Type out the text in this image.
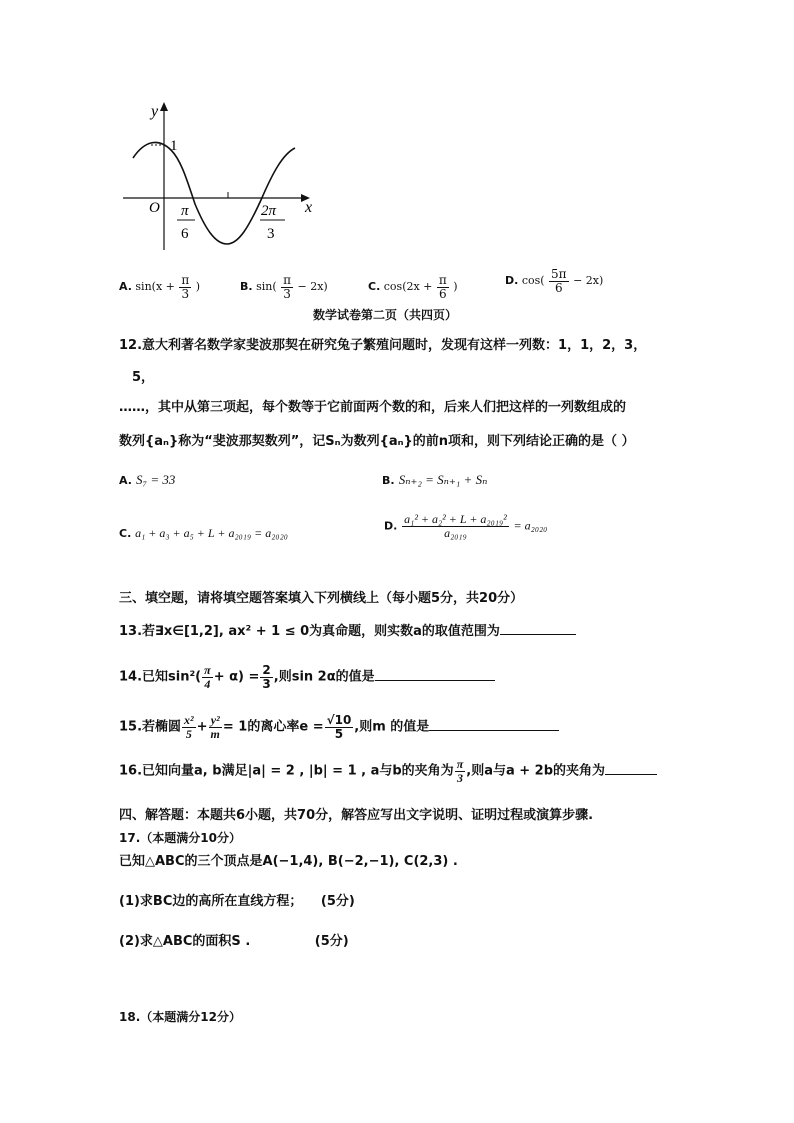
y
1
O	x
π
6
2π
3
A. $\sin(x + \frac{\pi}{3}$ )	B. $\sin( \frac{\pi}{3} - 2x)$	C. $\cos(2x + \frac{\pi}{6}$ )	D. $\cos( \frac{5\pi}{6} - 2x)$
数学试卷第二页（共四页）
12.意大利著名数学家斐波那契在研究兔子繁殖问题时，发现有这样一列数：1，1，2，3，
5，
……，其中从第三项起，每个数等于它前面两个数的和，后来人们把这样的一列数组成的
数列{aₙ}称为“斐波那契数列”，记Sₙ为数列{aₙ}的前n项和，则下列结论正确的是（ ）
A. S₇ = 33	B. Sₙ₊₂ = Sₙ₊₁ + Sₙ
C. a₁ + a₃ + a₅ + L + a₂₀₁₉ = a₂₀₂₀	D. $\frac{\text{a₁² + a₂² + L + a₂₀₁₉²}}{\text{a₂₀₁₉}} = a_{2020}$
三、填空题，请将填空题答案填入下列横线上（每小题5分，共20分）
13.若∃x∈[1,2], ax² + 1 ≤ 0为真命题，则实数a的取值范围为
14.已知$\sin^2( \frac{\pi}{4} + \alpha) = \frac{2}{3}$ ,则sin 2α的值是
15.若椭圆 $\frac{\text{x²}}{5} + \frac{\text{y²}}{m} = 1$的离心率$e = \frac{√10}{5}$ ,则m 的值是
16.已知向量a, b满足|a| = 2 , |b| = 1 , a与b的夹角为 $\frac{\pi}{3}$ ,则a与a + 2b的夹角为
四、解答题：本题共6小题，共70分，解答应写出文字说明、证明过程或演算步骤.
17.（本题满分10分）
已知△ABC的三个顶点是A(−1,4), B(−2,−1), C(2,3) .
(1)求BC边的高所在直线方程； (5分)
(2)求△ABC的面积S .	(5分)
18.（本题满分12分）
